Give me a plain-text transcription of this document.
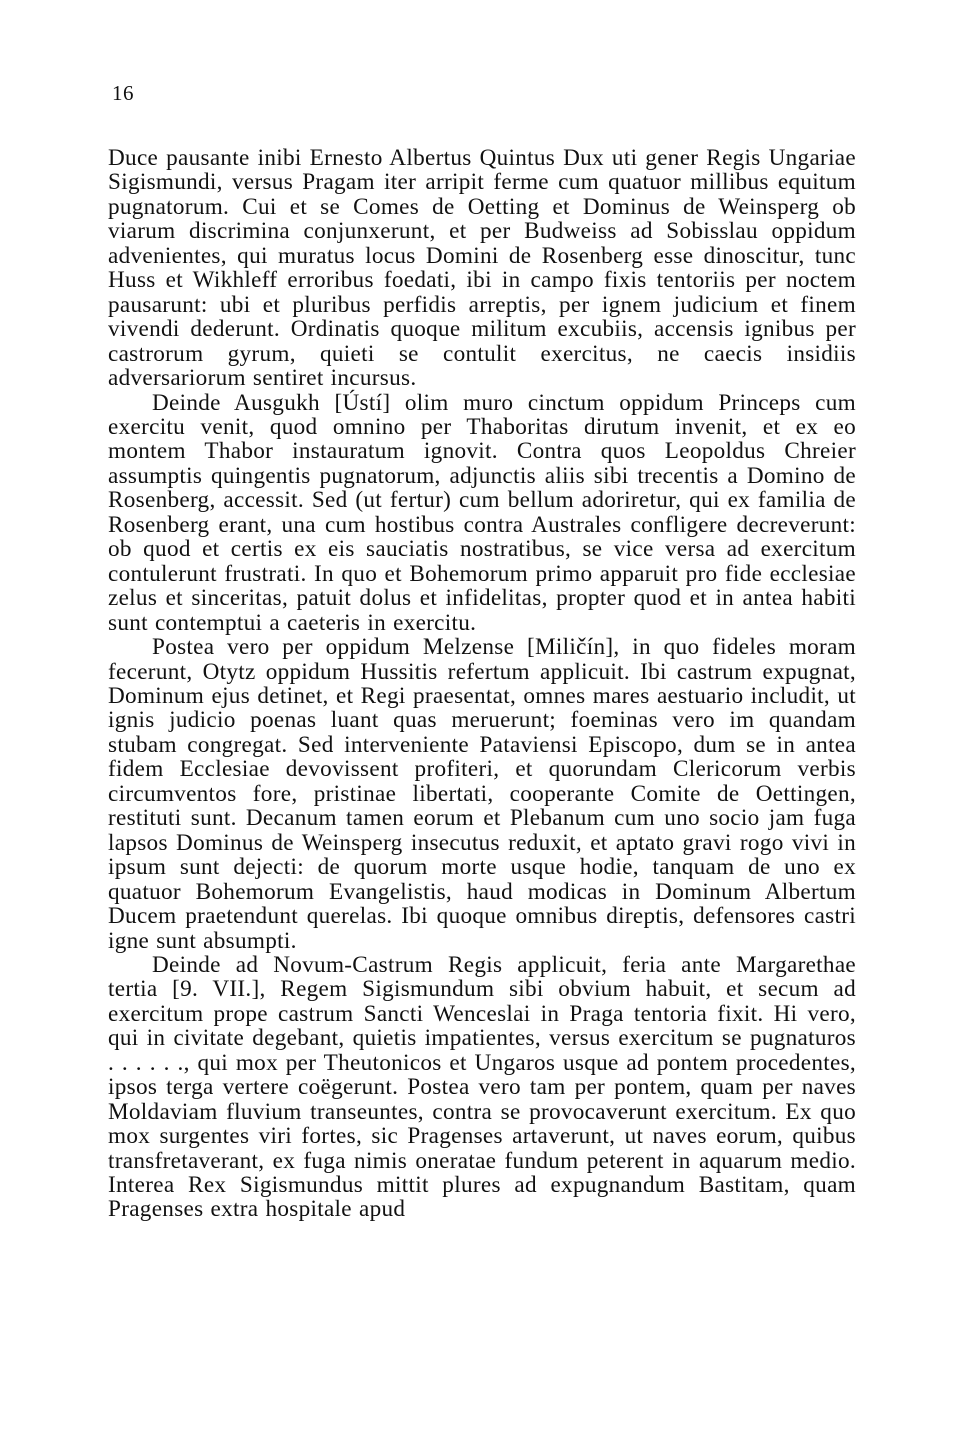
16

Duce pausante inibi Ernesto Albertus Quintus Dux uti gener Regis Ungariae Sigismundi, versus Pragam iter arripit ferme cum quatuor millibus equitum pugnatorum. Cui et se Comes de Oetting et Dominus de Weinsperg ob viarum discrimina conjunxerunt, et per Budweiss ad Sobisslau oppidum advenientes, qui muratus locus Domini de Rosenberg esse dinoscitur, tunc Huss et Wikhleff erroribus foedati, ibi in campo fixis tentoriis per noctem pausarunt: ubi et pluribus perfidis arreptis, per ignem judicium et finem vivendi dederunt. Ordinatis quoque militum excubiis, accensis ignibus per castrorum gyrum, quieti se contulit exercitus, ne caecis insidiis adversariorum sentiret incursus.

Deinde Ausgukh [Ústí] olim muro cinctum oppidum Princeps cum exercitu venit, quod omnino per Thaboritas dirutum invenit, et ex eo montem Thabor instauratum ignovit. Contra quos Leopoldus Chreier assumptis quingentis pugnatorum, adjunctis aliis sibi trecentis a Domino de Rosenberg, accessit. Sed (ut fertur) cum bellum adoriretur, qui ex familia de Rosenberg erant, una cum hostibus contra Australes confligere decreverunt: ob quod et certis ex eis sauciatis nostratibus, se vice versa ad exercitum contulerunt frustrati. In quo et Bohemorum primo apparuit pro fide ecclesiae zelus et sinceritas, patuit dolus et infidelitas, propter quod et in antea habiti sunt contemptui a caeteris in exercitu.

Postea vero per oppidum Melzense [Miličín], in quo fideles moram fecerunt, Otytz oppidum Hussitis refertum applicuit. Ibi castrum expugnat, Dominum ejus detinet, et Regi praesentat, omnes mares aestuario includit, ut ignis judicio poenas luant quas meruerunt; foeminas vero im quandam stubam congregat. Sed interveniente Pataviensi Episcopo, dum se in antea fidem Ecclesiae devovissent profiteri, et quorundam Clericorum verbis circumventos fore, pristinae libertati, cooperante Comite de Oettingen, restituti sunt. Decanum tamen eorum et Plebanum cum uno socio jam fuga lapsos Dominus de Weinsperg insecutus reduxit, et aptato gravi rogo vivi in ipsum sunt dejecti: de quorum morte usque hodie, tanquam de uno ex quatuor Bohemorum Evangelistis, haud modicas in Dominum Albertum Ducem praetendunt querelas. Ibi quoque omnibus direptis, defensores castri igne sunt absumpti.

Deinde ad Novum-Castrum Regis applicuit, feria ante Margarethae tertia [9. VII.], Regem Sigismundum sibi obvium habuit, et secum ad exercitum prope castrum Sancti Wenceslai in Praga tentoria fixit. Hi vero, qui in civitate degebant, quietis impatientes, versus exercitum se pugnaturos . . . . . ., qui mox per Theutonicos et Ungaros usque ad pontem procedentes, ipsos terga vertere coëgerunt. Postea vero tam per pontem, quam per naves Moldaviam fluvium transeuntes, contra se provocaverunt exercitum. Ex quo mox surgentes viri fortes, sic Pragenses artaverunt, ut naves eorum, quibus transfretaverant, ex fuga nimis oneratae fundum peterent in aquarum medio. Interea Rex Sigismundus mittit plures ad expugnandum Bastitam, quam Pragenses extra hospitale apud
